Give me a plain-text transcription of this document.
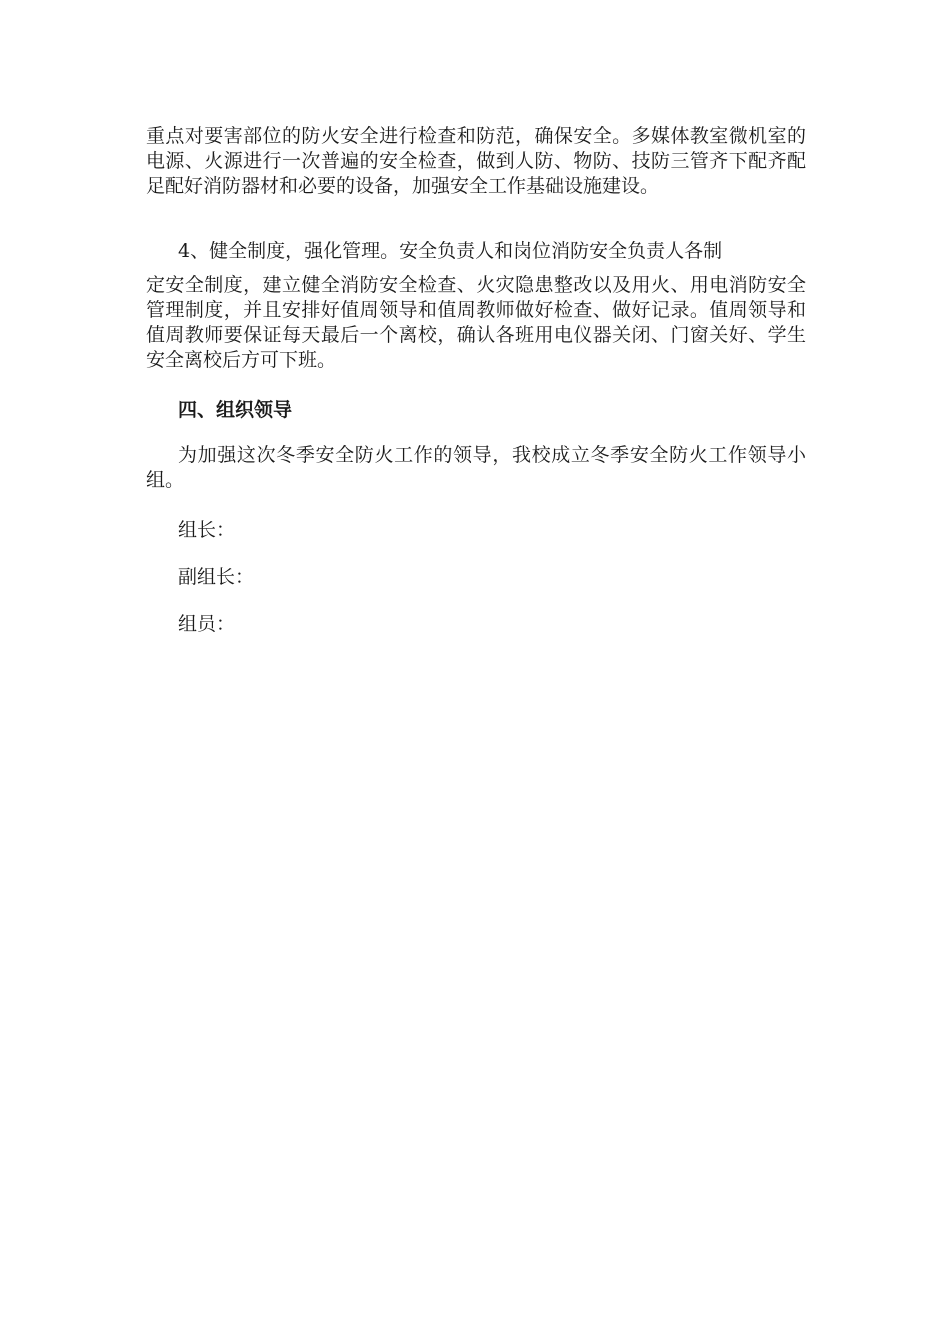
重点对要害部位的防火安全进行检查和防范，确保安全。多媒体教室微机室的电源、火源进行一次普遍的安全检查，做到人防、物防、技防三管齐下配齐配足配好消防器材和必要的设备，加强安全工作基础设施建设。

4、健全制度，强化管理。安全负责人和岗位消防安全负责人各制
定安全制度，建立健全消防安全检查、火灾隐患整改以及用火、用电消防安全管理制度，并且安排好值周领导和值周教师做好检查、做好记录。值周领导和值周教师要保证每天最后一个离校，确认各班用电仪器关闭、门窗关好、学生安全离校后方可下班。

四、组织领导

为加强这次冬季安全防火工作的领导，我校成立冬季安全防火工作领导小组。

组长：

副组长：

组员：
